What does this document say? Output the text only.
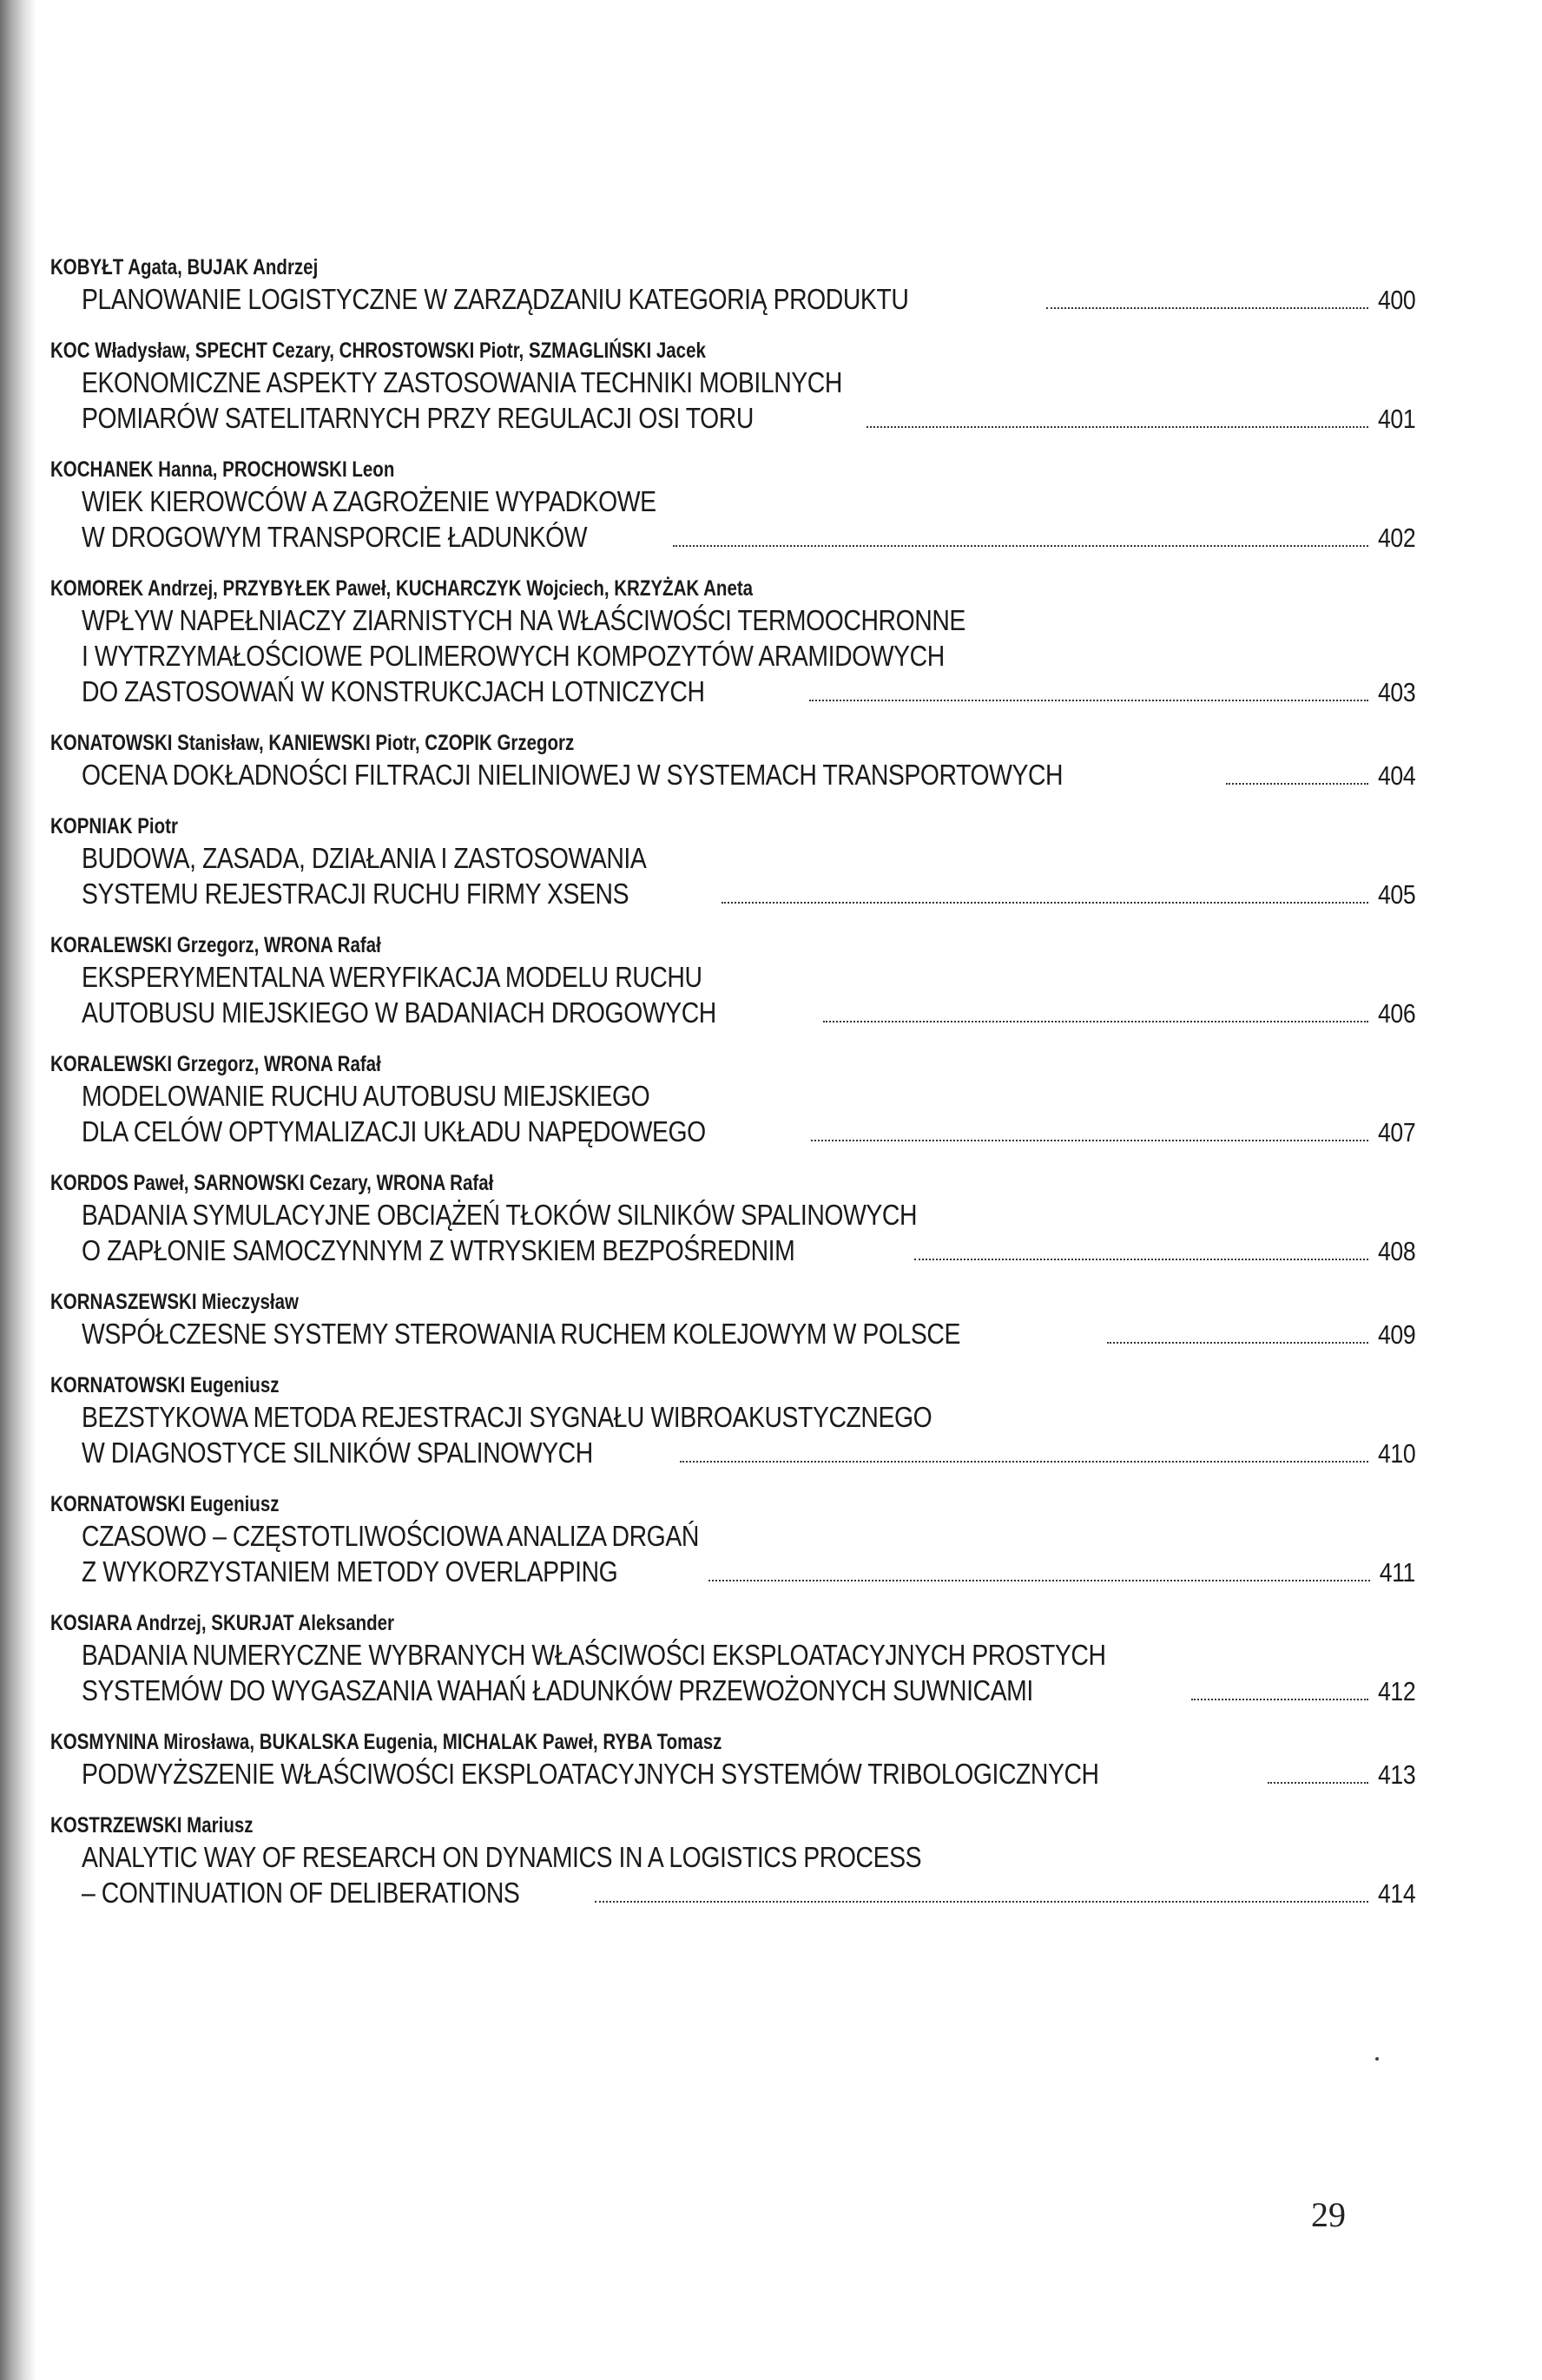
KOBYŁT Agata, BUJAK Andrzej
PLANOWANIE LOGISTYCZNE W ZARZĄDZANIU KATEGORIĄ PRODUKTU	400
KOC Władysław, SPECHT Cezary, CHROSTOWSKI Piotr, SZMAGLIŃSKI Jacek
EKONOMICZNE ASPEKTY ZASTOSOWANIA TECHNIKI MOBILNYCH
POMIARÓW SATELITARNYCH PRZY REGULACJI OSI TORU	401
KOCHANEK Hanna, PROCHOWSKI Leon
WIEK KIEROWCÓW A ZAGROŻENIE WYPADKOWE
W DROGOWYM TRANSPORCIE ŁADUNKÓW	402
KOMOREK Andrzej, PRZYBYŁEK Paweł, KUCHARCZYK Wojciech, KRZYŻAK Aneta
WPŁYW NAPEŁNIACZY ZIARNISTYCH NA WŁAŚCIWOŚCI TERMOOCHRONNE
I WYTRZYMAŁOŚCIOWE POLIMEROWYCH KOMPOZYTÓW ARAMIDOWYCH
DO ZASTOSOWAŃ W KONSTRUKCJACH LOTNICZYCH	403
KONATOWSKI Stanisław, KANIEWSKI Piotr, CZOPIK Grzegorz
OCENA DOKŁADNOŚCI FILTRACJI NIELINIOWEJ W SYSTEMACH TRANSPORTOWYCH	404
KOPNIAK Piotr
BUDOWA, ZASADA, DZIAŁANIA I ZASTOSOWANIA
SYSTEMU REJESTRACJI RUCHU FIRMY XSENS	405
KORALEWSKI Grzegorz, WRONA Rafał
EKSPERYMENTALNA WERYFIKACJA MODELU RUCHU
AUTOBUSU MIEJSKIEGO W BADANIACH DROGOWYCH	406
KORALEWSKI Grzegorz, WRONA Rafał
MODELOWANIE RUCHU AUTOBUSU MIEJSKIEGO
DLA CELÓW OPTYMALIZACJI UKŁADU NAPĘDOWEGO	407
KORDOS Paweł, SARNOWSKI Cezary, WRONA Rafał
BADANIA SYMULACYJNE OBCIĄŻEŃ TŁOKÓW SILNIKÓW SPALINOWYCH
O ZAPŁONIE SAMOCZYNNYM Z WTRYSKIEM BEZPOŚREDNIM	408
KORNASZEWSKI Mieczysław
WSPÓŁCZESNE SYSTEMY STEROWANIA RUCHEM KOLEJOWYM W POLSCE	409
KORNATOWSKI Eugeniusz
BEZSTYKOWA METODA REJESTRACJI SYGNAŁU WIBROAKUSTYCZNEGO
W DIAGNOSTYCE SILNIKÓW SPALINOWYCH	410
KORNATOWSKI Eugeniusz
CZASOWO – CZĘSTOTLIWOŚCIOWA ANALIZA DRGAŃ
Z WYKORZYSTANIEM METODY OVERLAPPING	411
KOSIARA Andrzej, SKURJAT Aleksander
BADANIA NUMERYCZNE WYBRANYCH WŁAŚCIWOŚCI EKSPLOATACYJNYCH PROSTYCH
SYSTEMÓW DO WYGASZANIA WAHAŃ ŁADUNKÓW PRZEWOŻONYCH SUWNICAMI	412
KOSMYNINA Mirosława, BUKALSKA Eugenia, MICHALAK Paweł, RYBA Tomasz
PODWYŻSZENIE WŁAŚCIWOŚCI EKSPLOATACYJNYCH SYSTEMÓW TRIBOLOGICZNYCH	413
KOSTRZEWSKI Mariusz
ANALYTIC WAY OF RESEARCH ON DYNAMICS IN A LOGISTICS PROCESS
– CONTINUATION OF DELIBERATIONS	414
29
